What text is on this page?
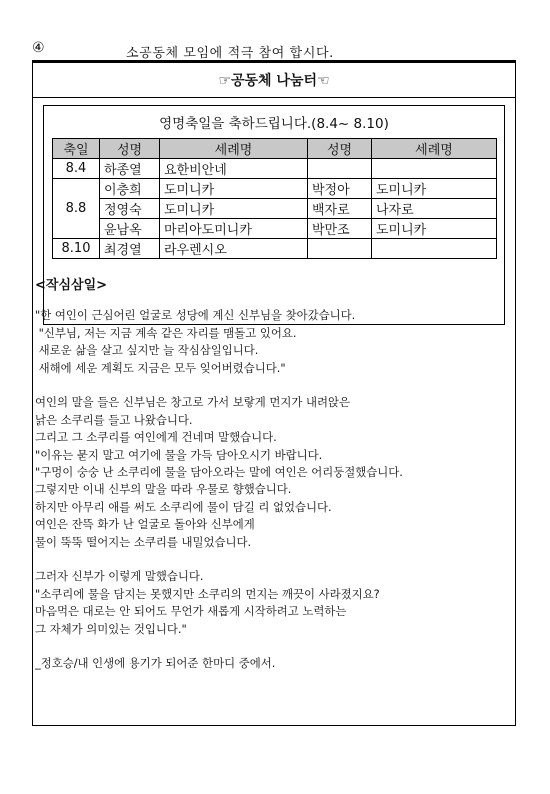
④	소공동체 모임에 적극 참여 합시다.
☞공동체 나눔터☜
영명축일을 축하드립니다.(8.4~ 8.10)
축일	성명	세례명	성명	세례명
8.4	하종열	요한비안네		
8.8	이충희	도미니카	박정아	도미니카
	정영숙	도미니카	백자로	나자로
	윤남옥	마리아도미니카	박만조	도미니카
8.10	최경열	라우렌시오		

<작심삼일>

"한 여인이 근심어린 얼굴로 성당에 계신 신부님을 찾아갔습니다.

"신부님, 저는 지금 계속 같은 자리를 맴돌고 있어요.

새로운 삶을 살고 싶지만 늘 작심삼일입니다.

새해에 세운 계획도 지금은 모두 잊어버렸습니다."

여인의 말을 들은 신부님은 창고로 가서 보랗게 먼지가 내려앉은

낡은 소쿠리를 들고 나왔습니다.

그리고 그 소쿠리를 여인에게 건네며 말했습니다.

"이유는 묻지 말고 여기에 물을 가득 담아오시기 바랍니다.

"구멍이 숭숭 난 소쿠리에 물을 담아오라는 말에 여인은 어리둥절했습니다.

그렇지만 이내 신부의 말을 따라 우물로 향했습니다.

하지만 아무리 애를 써도 소쿠리에 물이 담길 리 없었습니다.

여인은 잔뜩 화가 난 얼굴로 돌아와 신부에게

물이 뚝뚝 떨어지는 소쿠리를 내밀었습니다.

그러자 신부가 이렇게 말했습니다.

"소쿠리에 물을 담지는 못했지만 소쿠리의 먼지는 깨끗이 사라졌지요?

마음먹은 대로는 안 되어도 무언가 새롭게 시작하려고 노력하는

그 자체가 의미있는 것입니다."

_정호승/내 인생에 용기가 되어준 한마디 중에서.
